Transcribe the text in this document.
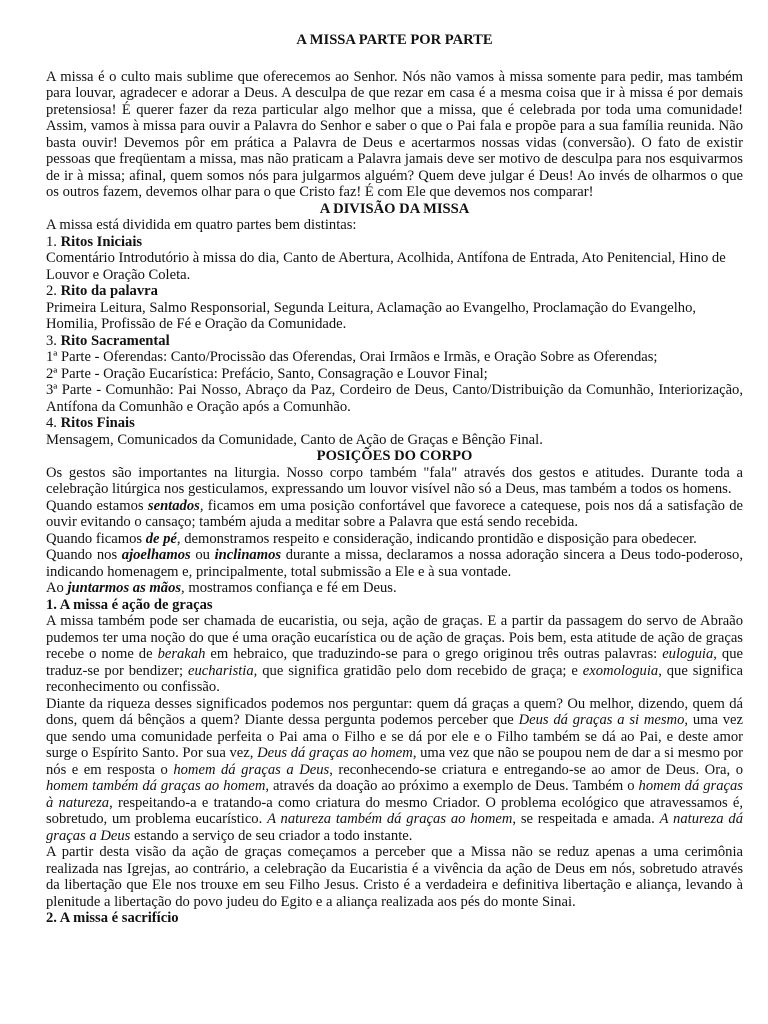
A MISSA PARTE POR PARTE

A missa é o culto mais sublime que oferecemos ao Senhor. Nós não vamos à missa somente para pedir, mas também para louvar, agradecer e adorar a Deus. A desculpa de que rezar em casa é a mesma coisa que ir à missa é por demais pretensiosa! É querer fazer da reza particular algo melhor que a missa, que é celebrada por toda uma comunidade! Assim, vamos à missa para ouvir a Palavra do Senhor e saber o que o Pai fala e propõe para a sua família reunida. Não basta ouvir! Devemos pôr em prática a Palavra de Deus e acertarmos nossas vidas (conversão). O fato de existir pessoas que freqüentam a missa, mas não praticam a Palavra jamais deve ser motivo de desculpa para nos esquivarmos de ir à missa; afinal, quem somos nós para julgarmos alguém? Quem deve julgar é Deus! Ao invés de olharmos o que os outros fazem, devemos olhar para o que Cristo faz! É com Ele que devemos nos comparar!

A DIVISÃO DA MISSA

A missa está dividida em quatro partes bem distintas:

1. Ritos Iniciais

Comentário Introdutório à missa do dia, Canto de Abertura, Acolhida, Antífona de Entrada, Ato Penitencial, Hino de Louvor e Oração Coleta.

2. Rito da palavra

Primeira Leitura, Salmo Responsorial, Segunda Leitura, Aclamação ao Evangelho, Proclamação do Evangelho, Homilia, Profissão de Fé e Oração da Comunidade.

3. Rito Sacramental

1ª Parte - Oferendas: Canto/Procissão das Oferendas, Orai Irmãos e Irmãs, e Oração Sobre as Oferendas;

2ª Parte - Oração Eucarística: Prefácio, Santo, Consagração e Louvor Final;

3ª Parte - Comunhão: Pai Nosso, Abraço da Paz, Cordeiro de Deus, Canto/Distribuição da Comunhão, Interiorização, Antífona da Comunhão e Oração após a Comunhão.

4. Ritos Finais

Mensagem, Comunicados da Comunidade, Canto de Ação de Graças e Bênção Final.

POSIÇÕES DO CORPO

Os gestos são importantes na liturgia. Nosso corpo também "fala" através dos gestos e atitudes. Durante toda a celebração litúrgica nos gesticulamos, expressando um louvor visível não só a Deus, mas também a todos os homens.

Quando estamos sentados, ficamos em uma posição confortável que favorece a catequese, pois nos dá a satisfação de ouvir evitando o cansaço; também ajuda a meditar sobre a Palavra que está sendo recebida.

Quando ficamos de pé, demonstramos respeito e consideração, indicando prontidão e disposição para obedecer.

Quando nos ajoelhamos ou inclinamos durante a missa, declaramos a nossa adoração sincera a Deus todo-poderoso, indicando homenagem e, principalmente, total submissão a Ele e à sua vontade.

Ao juntarmos as mãos, mostramos confiança e fé em Deus.

1. A missa é ação de graças

A missa também pode ser chamada de eucaristia, ou seja, ação de graças. E a partir da passagem do servo de Abraão pudemos ter uma noção do que é uma oração eucarística ou de ação de graças. Pois bem, esta atitude de ação de graças recebe o nome de berakah em hebraico, que traduzindo-se para o grego originou três outras palavras: euloguia, que traduz-se por bendizer; eucharistia, que significa gratidão pelo dom recebido de graça; e exomologuia, que significa reconhecimento ou confissão.

Diante da riqueza desses significados podemos nos perguntar: quem dá graças a quem? Ou melhor, dizendo, quem dá dons, quem dá bênçãos a quem? Diante dessa pergunta podemos perceber que Deus dá graças a si mesmo, uma vez que sendo uma comunidade perfeita o Pai ama o Filho e se dá por ele e o Filho também se dá ao Pai, e deste amor surge o Espírito Santo. Por sua vez, Deus dá graças ao homem, uma vez que não se poupou nem de dar a si mesmo por nós e em resposta o homem dá graças a Deus, reconhecendo-se criatura e entregando-se ao amor de Deus. Ora, o homem também dá graças ao homem, através da doação ao próximo a exemplo de Deus. Também o homem dá graças à natureza, respeitando-a e tratando-a como criatura do mesmo Criador. O problema ecológico que atravessamos é, sobretudo, um problema eucarístico. A natureza também dá graças ao homem, se respeitada e amada. A natureza dá graças a Deus estando a serviço de seu criador a todo instante.

A partir desta visão da ação de graças começamos a perceber que a Missa não se reduz apenas a uma cerimônia realizada nas Igrejas, ao contrário, a celebração da Eucaristia é a vivência da ação de Deus em nós, sobretudo através da libertação que Ele nos trouxe em seu Filho Jesus. Cristo é a verdadeira e definitiva libertação e aliança, levando à plenitude a libertação do povo judeu do Egito e a aliança realizada aos pés do monte Sinai.

2. A missa é sacrifício
